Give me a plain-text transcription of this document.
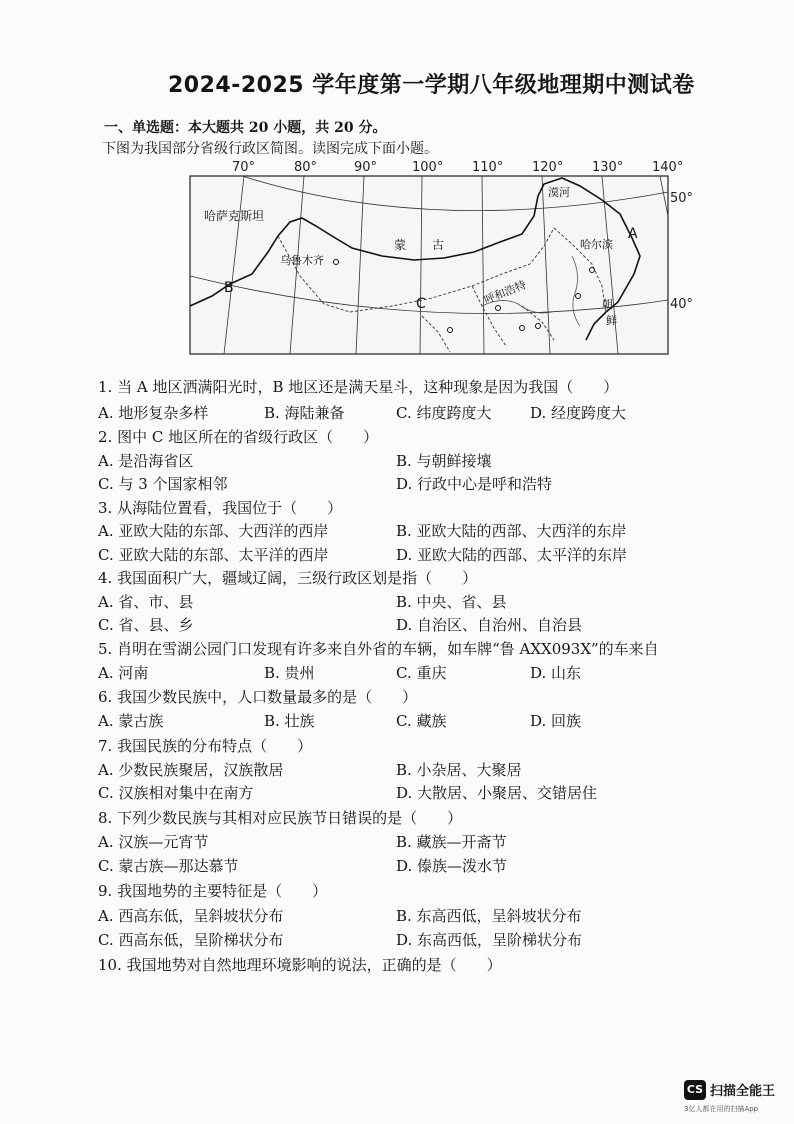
2024-2025 学年度第一学期八年级地理期中测试卷
一、单选题：本大题共 20 小题，共 20 分。
下图为我国部分省级行政区简图。读图完成下面小题。
70°	80°	90°	100° 110° 120° 130° 140°
50°
40°
哈萨克斯坦
乌鲁木齐
蒙 古
漠河
哈尔滨
呼和浩特	朝
鲜
A
B
C
1. 当 A 地区洒满阳光时，B 地区还是满天星斗，这种现象是因为我国（　　）
A. 地形复杂多样	B. 海陆兼备	C. 纬度跨度大	D. 经度跨度大
2. 图中 C 地区所在的省级行政区（　　）
A. 是沿海省区	B. 与朝鲜接壤
C. 与 3 个国家相邻	D. 行政中心是呼和浩特
3. 从海陆位置看，我国位于（　　）
A. 亚欧大陆的东部、大西洋的西岸	B. 亚欧大陆的西部、大西洋的东岸
C. 亚欧大陆的东部、太平洋的西岸	D. 亚欧大陆的西部、太平洋的东岸
4. 我国面积广大，疆域辽阔，三级行政区划是指（　　）
A. 省、市、县	B. 中央、省、县
C. 省、县、乡	D. 自治区、自治州、自治县
5. 肖明在雪湖公园门口发现有许多来自外省的车辆，如车牌“鲁 AXX093X”的车来自
A. 河南	B. 贵州	C. 重庆	D. 山东
6. 我国少数民族中，人口数量最多的是（　　）
A. 蒙古族	B. 壮族	C. 藏族	D. 回族
7. 我国民族的分布特点（　　）
A. 少数民族聚居，汉族散居	B. 小杂居、大聚居
C. 汉族相对集中在南方	D. 大散居、小聚居、交错居住
8. 下列少数民族与其相对应民族节日错误的是（　　）
A. 汉族—元宵节	B. 藏族—开斋节
C. 蒙古族—那达慕节	D. 傣族—泼水节
9. 我国地势的主要特征是（　　）
A. 西高东低，呈斜坡状分布	B. 东高西低，呈斜坡状分布
C. 西高东低，呈阶梯状分布	D. 东高西低，呈阶梯状分布
10. 我国地势对自然地理环境影响的说法，正确的是（　　）
CS 扫描全能王
3亿人都在用的扫描App
